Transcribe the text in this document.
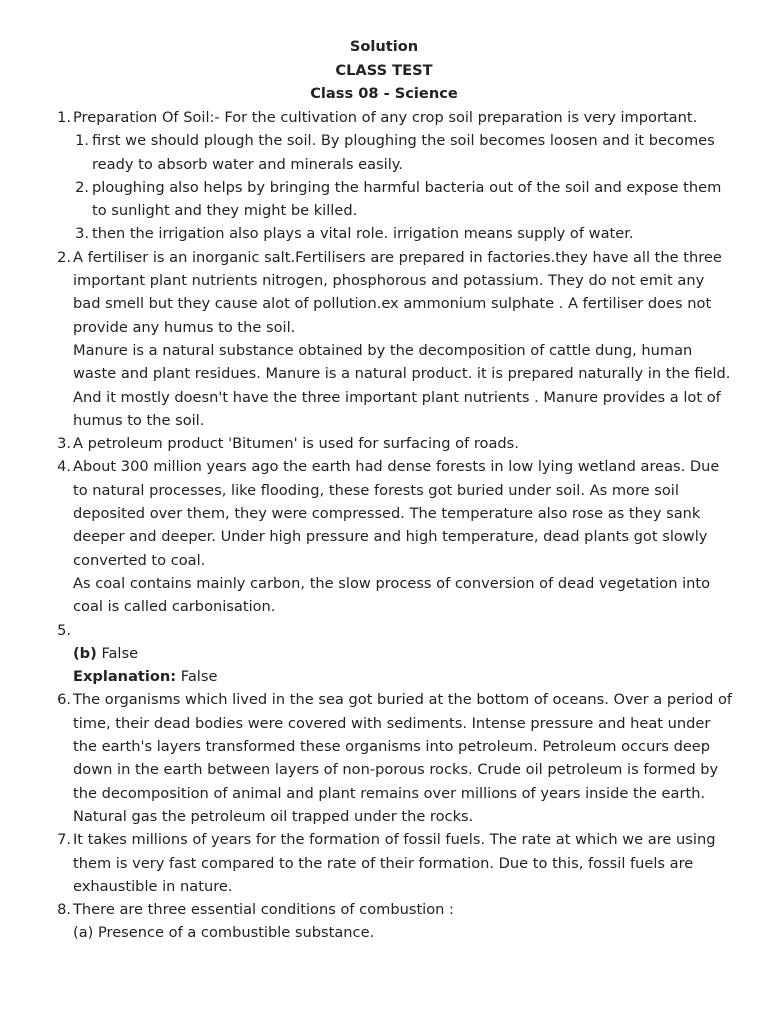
Solution
CLASS TEST
Class 08 - Science
1. Preparation Of Soil:- For the cultivation of any crop soil preparation is very important.

1. first we should plough the soil. By ploughing the soil becomes loosen and it becomes ready to absorb water and minerals easily.

2. ploughing also helps by bringing the harmful bacteria out of the soil and expose them to sunlight and they might be killed.

3. then the irrigation also plays a vital role. irrigation means supply of water.

2. A fertiliser is an inorganic salt.Fertilisers are prepared in factories.they have all the three important plant nutrients nitrogen, phosphorous and potassium. They do not emit any bad smell but they cause alot of pollution.ex ammonium sulphate . A fertiliser does not provide any humus to the soil.

Manure is a natural substance obtained by the decomposition of cattle dung, human waste and plant residues. Manure is a natural product. it is prepared naturally in the field. And it mostly doesn't have the three important plant nutrients . Manure provides a lot of humus to the soil.

3. A petroleum product 'Bitumen' is used for surfacing of roads.

4. About 300 million years ago the earth had dense forests in low lying wetland areas. Due to natural processes, like flooding, these forests got buried under soil. As more soil deposited over them, they were compressed. The temperature also rose as they sank deeper and deeper. Under high pressure and high temperature, dead plants got slowly converted to coal.

As coal contains mainly carbon, the slow process of conversion of dead vegetation into coal is called carbonisation.

5.

(b) False

Explanation: False

6. The organisms which lived in the sea got buried at the bottom of oceans. Over a period of time, their dead bodies were covered with sediments. Intense pressure and heat under the earth's layers transformed these organisms into petroleum. Petroleum occurs deep down in the earth between layers of non-porous rocks. Crude oil petroleum is formed by the decomposition of animal and plant remains over millions of years inside the earth. Natural gas the petroleum oil trapped under the rocks.

7. It takes millions of years for the formation of fossil fuels. The rate at which we are using them is very fast compared to the rate of their formation. Due to this, fossil fuels are exhaustible in nature.

8. There are three essential conditions of combustion :

(a) Presence of a combustible substance.
